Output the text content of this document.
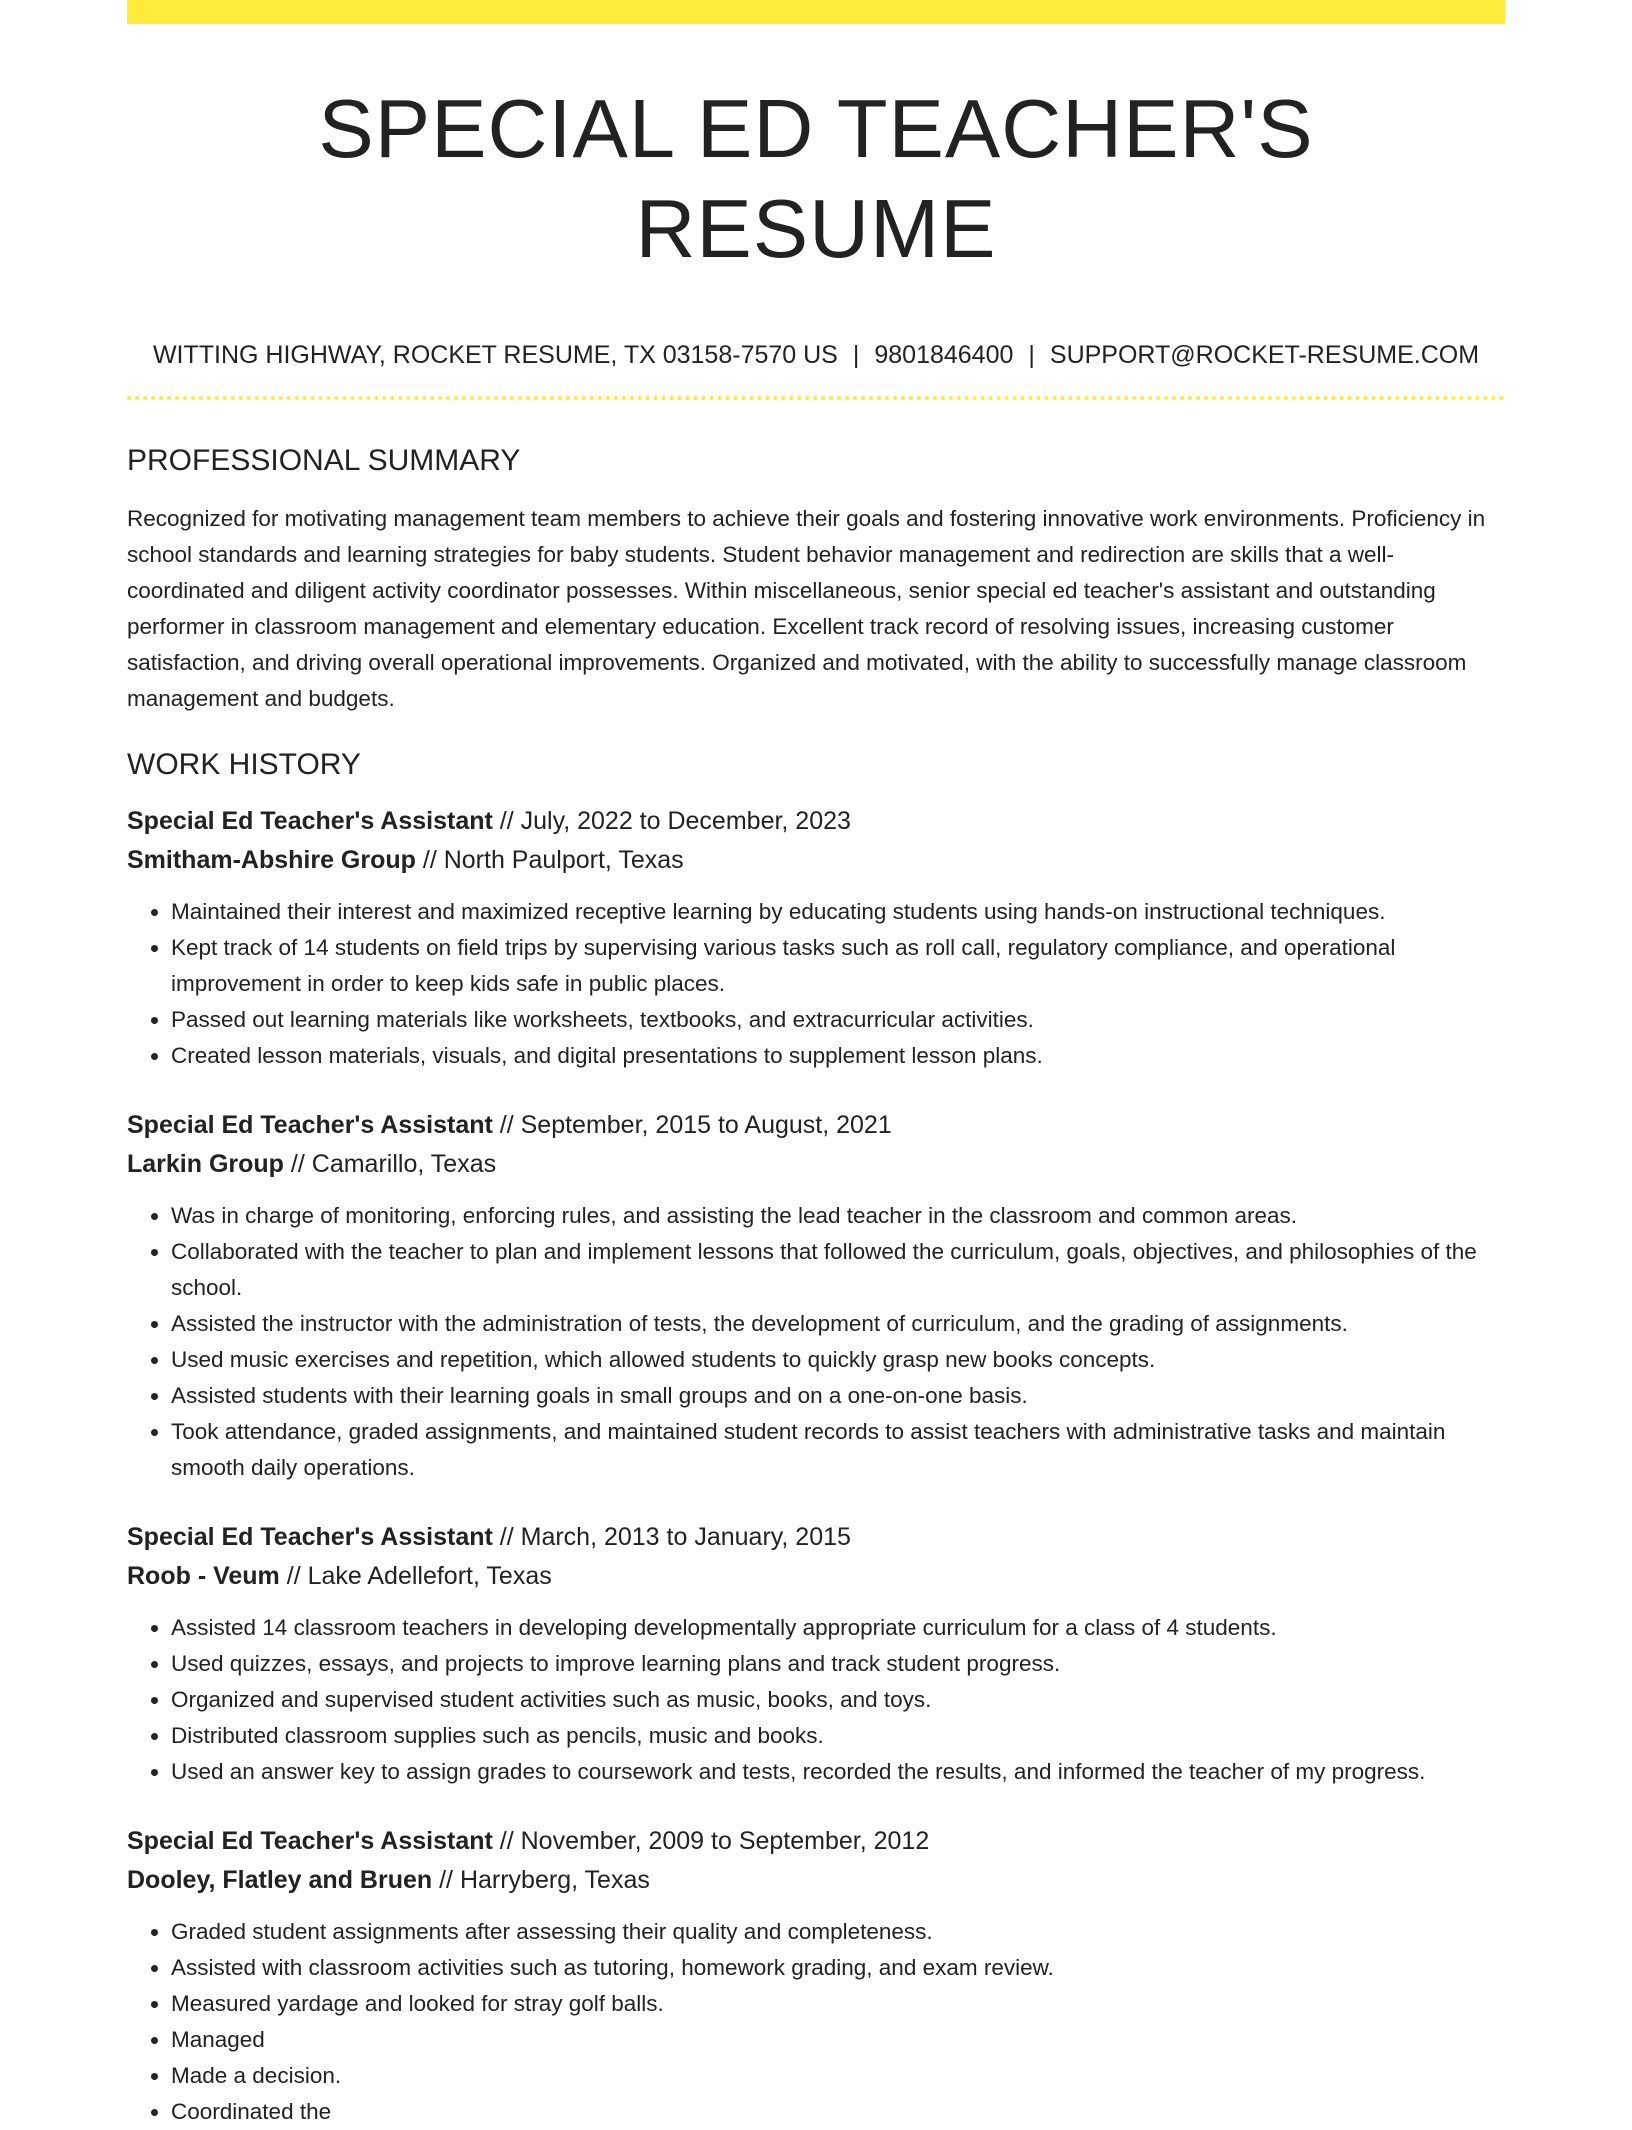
SPECIAL ED TEACHER'S RESUME
WITTING HIGHWAY, ROCKET RESUME, TX 03158-7570 US | 9801846400 | SUPPORT@ROCKET-RESUME.COM
PROFESSIONAL SUMMARY

Recognized for motivating management team members to achieve their goals and fostering innovative work environments. Proficiency in school standards and learning strategies for baby students. Student behavior management and redirection are skills that a well-coordinated and diligent activity coordinator possesses. Within miscellaneous, senior special ed teacher's assistant and outstanding performer in classroom management and elementary education. Excellent track record of resolving issues, increasing customer satisfaction, and driving overall operational improvements. Organized and motivated, with the ability to successfully manage classroom management and budgets.

WORK HISTORY
Special Ed Teacher's Assistant // July, 2022 to December, 2023
Smitham-Abshire Group // North Paulport, Texas
• Maintained their interest and maximized receptive learning by educating students using hands-on instructional techniques.
• Kept track of 14 students on field trips by supervising various tasks such as roll call, regulatory compliance, and operational improvement in order to keep kids safe in public places.
• Passed out learning materials like worksheets, textbooks, and extracurricular activities.
• Created lesson materials, visuals, and digital presentations to supplement lesson plans.
Special Ed Teacher's Assistant // September, 2015 to August, 2021
Larkin Group // Camarillo, Texas
• Was in charge of monitoring, enforcing rules, and assisting the lead teacher in the classroom and common areas.
• Collaborated with the teacher to plan and implement lessons that followed the curriculum, goals, objectives, and philosophies of the school.
• Assisted the instructor with the administration of tests, the development of curriculum, and the grading of assignments.
• Used music exercises and repetition, which allowed students to quickly grasp new books concepts.
• Assisted students with their learning goals in small groups and on a one-on-one basis.
• Took attendance, graded assignments, and maintained student records to assist teachers with administrative tasks and maintain smooth daily operations.
Special Ed Teacher's Assistant // March, 2013 to January, 2015
Roob - Veum // Lake Adellefort, Texas
• Assisted 14 classroom teachers in developing developmentally appropriate curriculum for a class of 4 students.
• Used quizzes, essays, and projects to improve learning plans and track student progress.
• Organized and supervised student activities such as music, books, and toys.
• Distributed classroom supplies such as pencils, music and books.
• Used an answer key to assign grades to coursework and tests, recorded the results, and informed the teacher of my progress.
Special Ed Teacher's Assistant // November, 2009 to September, 2012
Dooley, Flatley and Bruen // Harryberg, Texas
• Graded student assignments after assessing their quality and completeness.
• Assisted with classroom activities such as tutoring, homework grading, and exam review.
• Measured yardage and looked for stray golf balls.
• Managed
• Made a decision.
• Coordinated the
